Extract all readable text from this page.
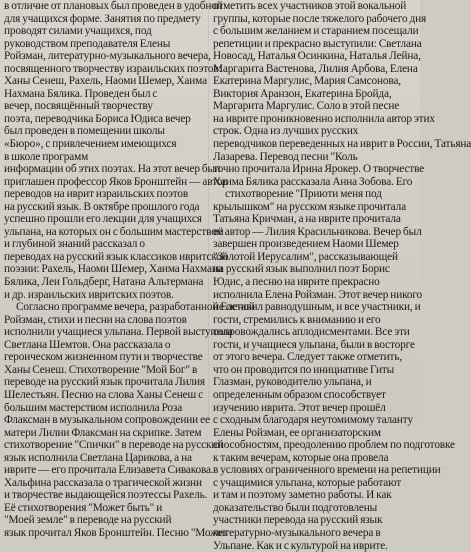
в отличие от плановых был проведен в удобной
для учащихся форме. Занятия по предмету
проводят силами учащихся, под
руководством преподавателя Елены
Ройзман, литературно-музыкального вечера,
посвященного творчеству израильских поэтов:
Ханы Сенеш, Рахель, Наоми Шемер, Хаима
Нахмана Бялика. Проведен был с
вечер, посвящённый творчеству
поэта, переводчика Бориса Юдиса вечер
был проведен в помещении школы
«Бюро», с привлечением имеющихся
в школе программ
информации об этих поэтах. На этот вечер был
приглашен профессор Яков Бронштейн — автор
переводов на иврит израильских поэтов
на русский язык. В октябре прошлого года
успешно прошли его лекции для учащихся
ульпана, на которых он с большим мастерством
и глубиной знаний рассказал о
переводах на русский язык классиков ивритской
поэзии: Рахель, Наоми Шемер, Хаима Нахмана
Бялика, Леи Гольдберг, Натана Альтермана
и др. израильских ивритских поэтов.
Согласно программе вечера, разработанной Еленой
Ройзман, стихи и песни на слова поэтов
исполнили учащиеся ульпана. Первой выступила
Светлана Шемтов. Она рассказала о
героическом жизненном пути и творчестве
Ханы Сенеш. Стихотворение "Мой Бог" в
переводе на русский язык прочитала Лилия
Шелестьян. Песню на слова Ханы Сенеш с
большим мастерством исполнила Роза
Флаксман в музыкальном сопровождении ее
матери Лилии Флаксман на скрипке. Затем
стихотворение "Спички" в переводе на русский
язык исполнила Светлана Царикова, а на
иврите — его прочитала Елизавета Сивакова.
Хальфина рассказала о трагической жизни
и творчестве выдающейся поэтессы Рахель.
Её стихотворения "Может быть" и
"Моей земле" в переводе на русский
язык прочитал Яков Бронштейн. Песню "Может
отметить всех участников этой вокальной
группы, которые после тяжелого рабочего дня
с большим желанием и старанием посещали
репетиции и прекрасно выступили: Светлана
Новосад, Наталья Осинкина, Наталья Лейна,
Маргарита Вастенова, Лилия Арбова, Елена
Екатерина Маргулис, Мария Самсонова,
Виктория Аранзон, Екатерина Бройда,
Маргарита Маргулис. Соло в этой песне
на иврите проникновенно исполнила автор этих
строк. Одна из лучших русских
переводчиков переведенных на иврит в России, Татьяна
Лазарева. Перевод песни "Коль
точно прочитала Ирина Ярокер. О творчестве
Хаима Бялика рассказала Анна Зобова. Его
стихотворение "Приюти меня под
крылышком" на русском языке прочитала
Татьяна Кричман, а на иврите прочитала
её автор — Лилия Красильникова. Вечер был
завершен произведением Наоми Шемер
"Золотой Иерусалим", рассказывающей
на русский язык выполнил поэт Борис
Юдис, а песню на иврите прекрасно
исполнила Елена Ройзман. Этот вечер никого
не оставил равнодушным, и все участники, и
гости, стремились к вниманию и его
сопровождались аплодисментами. Все эти
гости, и учащиеся ульпана, были в восторге
от этого вечера. Следует также отметить,
что он проводится по инициативе Гиты
Глазман, руководителю ульпана, и
определенным образом способствует
изучению иврита. Этот вечер прошёл
с сходным благодаря неутомимому таланту
Елены Ройзман, ее организаторским
способностям, преодолению проблем по подготовке
к таким вечерам, которые она провела
в условиях ограниченного времени на репетиции
с учащимися ульпана, которые работают
и там и поэтому заметно работы. И как
доказательство были подготовлены
участники перевода на русский язык
литературно-музыкального вечера в
Ульпане. Как и с культурой на иврите.
